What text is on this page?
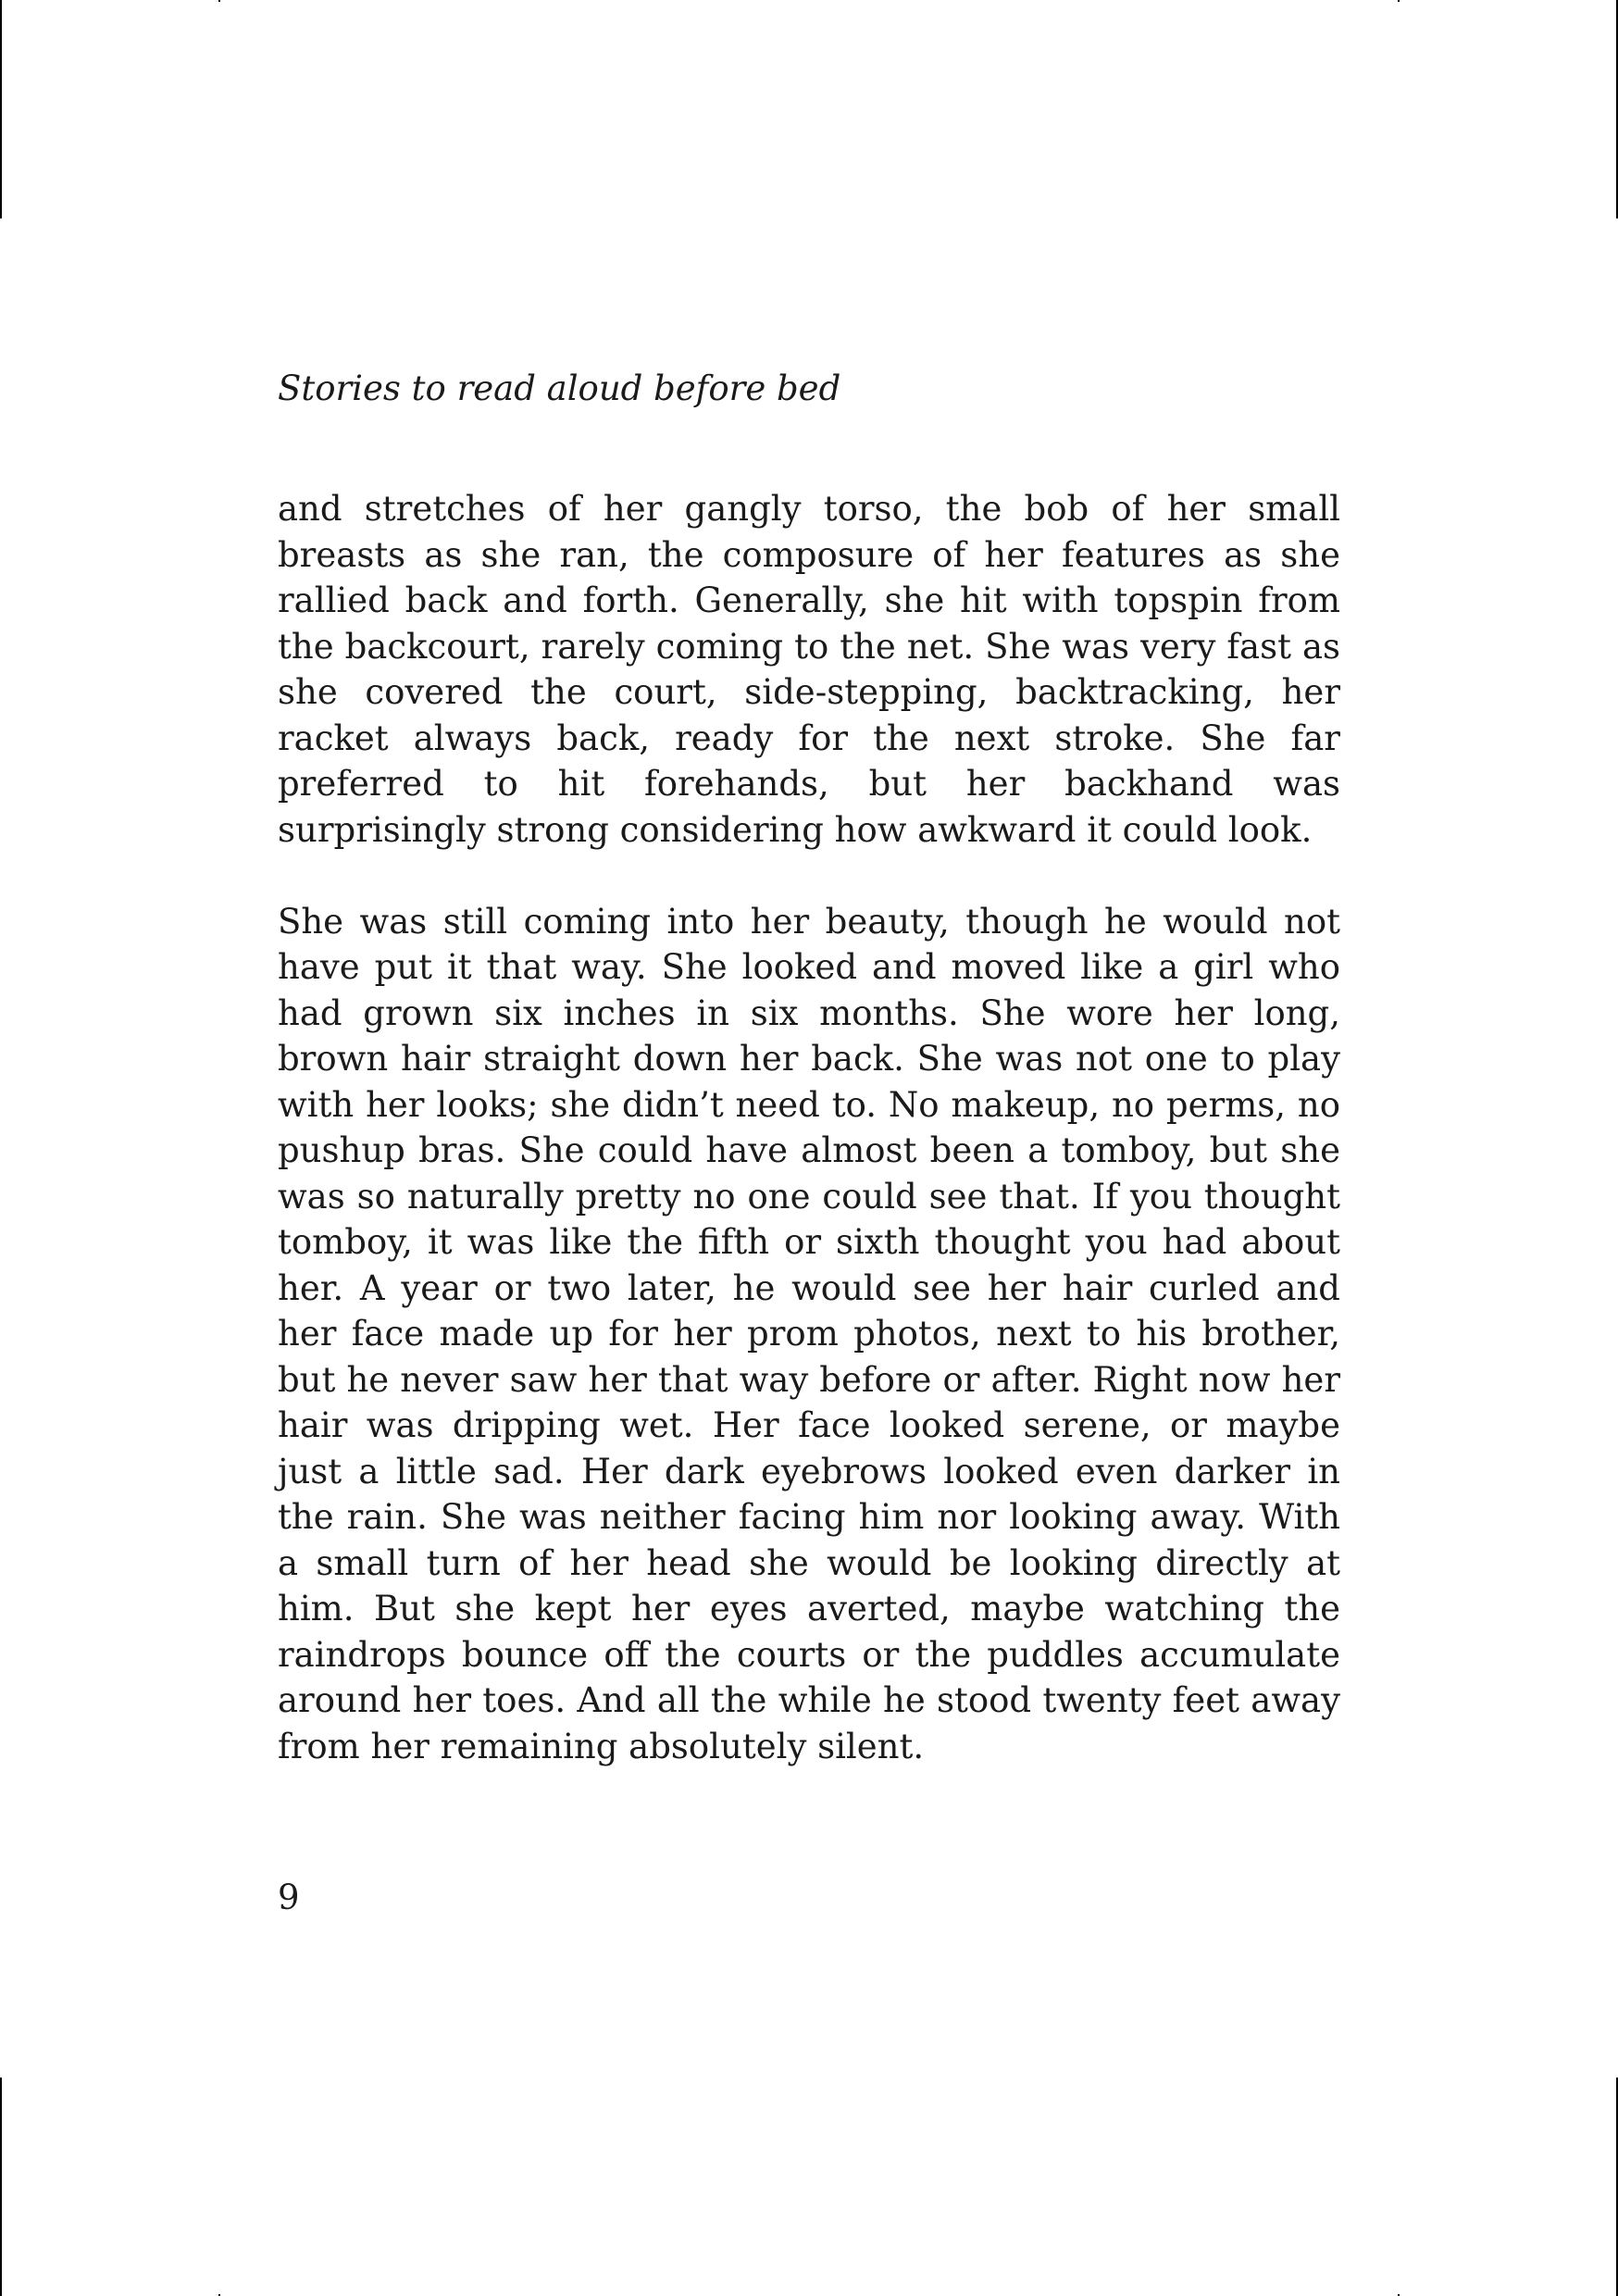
Stories to read aloud before bed

and stretches of her gangly torso, the bob of her small breasts as she ran, the composure of her features as she rallied back and forth. Generally, she hit with topspin from the backcourt, rarely coming to the net. She was very fast as she covered the court, side-stepping, backtracking, her racket always back, ready for the next stroke. She far preferred to hit forehands, but her backhand was surprisingly strong considering how awkward it could look.

She was still coming into her beauty, though he would not have put it that way. She looked and moved like a girl who had grown six inches in six months. She wore her long, brown hair straight down her back. She was not one to play with her looks; she didn’t need to. No makeup, no perms, no pushup bras. She could have almost been a tomboy, but she was so naturally pretty no one could see that. If you thought tomboy, it was like the fifth or sixth thought you had about her. A year or two later, he would see her hair curled and her face made up for her prom photos, next to his brother, but he never saw her that way before or after. Right now her hair was dripping wet. Her face looked serene, or maybe just a little sad. Her dark eyebrows looked even darker in the rain. She was neither facing him nor looking away. With a small turn of her head she would be looking directly at him. But she kept her eyes averted, maybe watching the raindrops bounce off the courts or the puddles accumulate around her toes. And all the while he stood twenty feet away from her remaining absolutely silent.

9
